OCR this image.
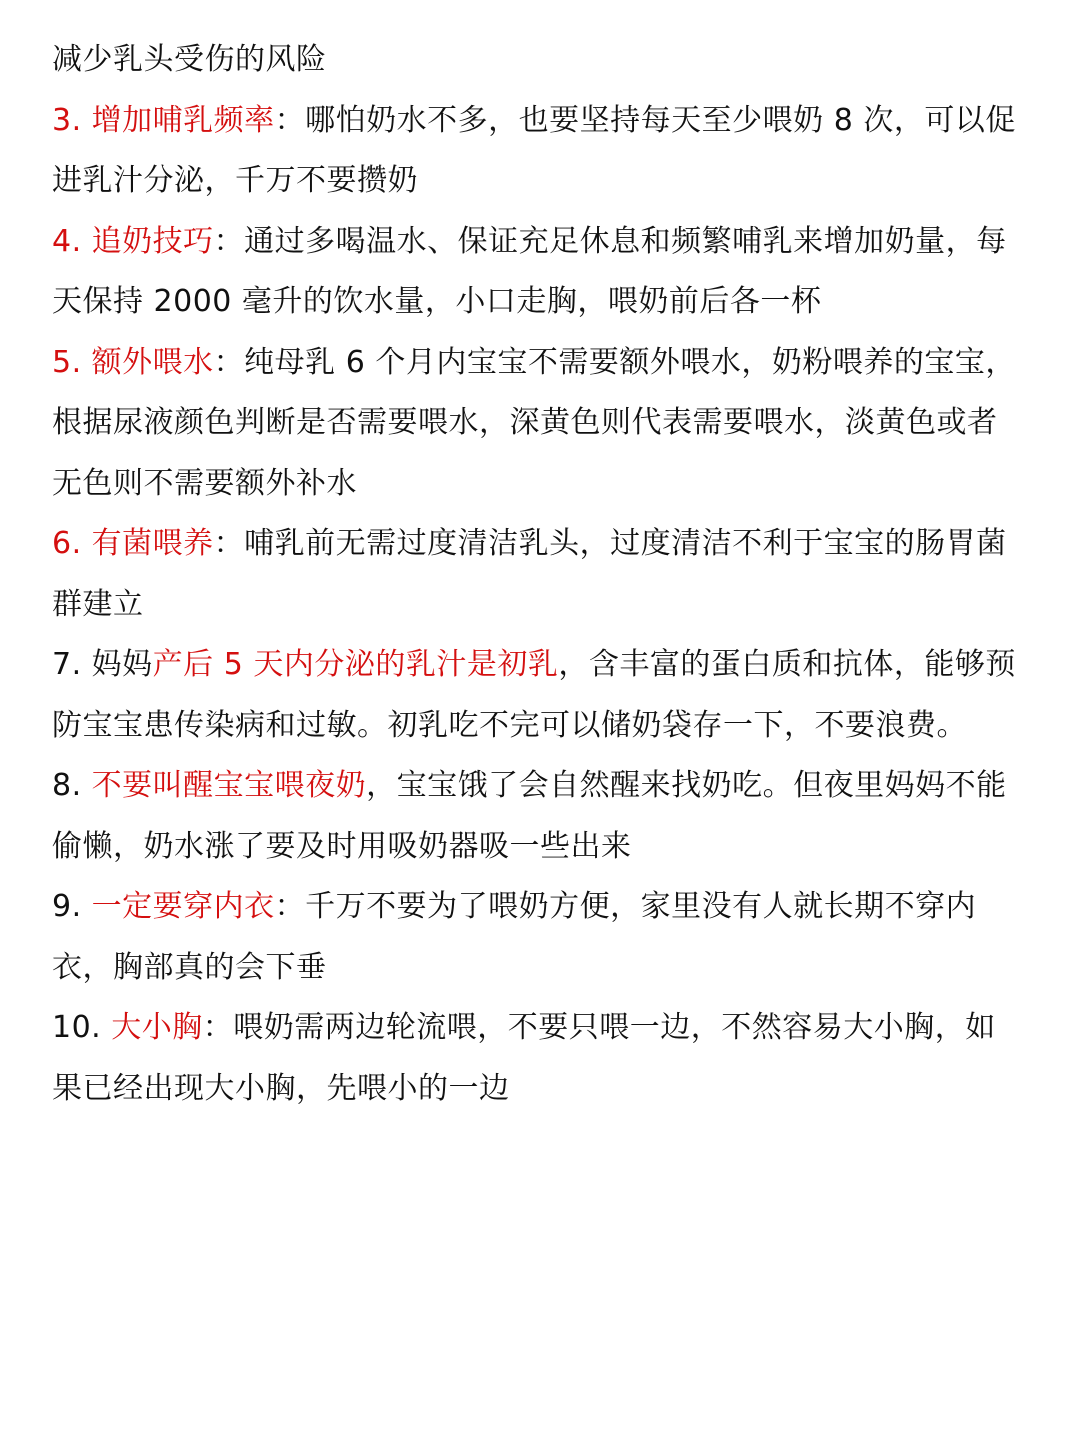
减少乳头受伤的风险

3. 增加哺乳频率：哪怕奶水不多，也要坚持每天至少喂奶 8 次，可以促进乳汁分泌，千万不要攒奶

4. 追奶技巧：通过多喝温水、保证充足休息和频繁哺乳来增加奶量，每天保持 2000 毫升的饮水量，小口走胸，喂奶前后各一杯

5. 额外喂水：纯母乳 6 个月内宝宝不需要额外喂水，奶粉喂养的宝宝，根据尿液颜色判断是否需要喂水，深黄色则代表需要喂水，淡黄色或者无色则不需要额外补水

6. 有菌喂养：哺乳前无需过度清洁乳头，过度清洁不利于宝宝的肠胃菌群建立

7. 妈妈产后 5 天内分泌的乳汁是初乳，含丰富的蛋白质和抗体，能够预防宝宝患传染病和过敏。初乳吃不完可以储奶袋存一下，不要浪费。

8. 不要叫醒宝宝喂夜奶，宝宝饿了会自然醒来找奶吃。但夜里妈妈不能偷懒，奶水涨了要及时用吸奶器吸一些出来

9. 一定要穿内衣：千万不要为了喂奶方便，家里没有人就长期不穿内衣，胸部真的会下垂

10. 大小胸：喂奶需两边轮流喂，不要只喂一边，不然容易大小胸，如果已经出现大小胸，先喂小的一边
